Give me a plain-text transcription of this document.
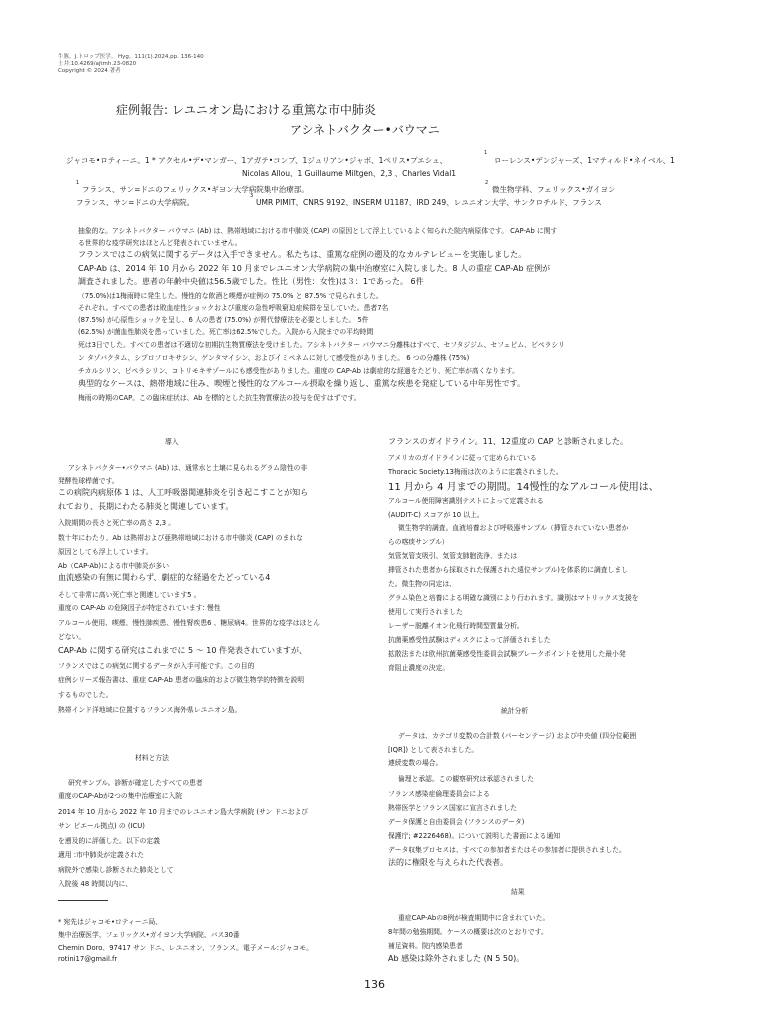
牛豚。J.トロップ医学。 Hyg。111(1).2024.pp. 136-140
土井:10.4269/ajtmh.23-0820
Copyright © 2024 著者
症例報告: レユニオン島における重篤な市中肺炎
アシネトバクター•バウマニ
ジャコモ•ロティーニ。1 * アクセル•デ•マンガー、1アガテ•コンブ、1ジュリアン•ジャボ、1ペリス•プエシュ、
1
ローレンス•デンジャーズ、1マティルド•ネイベル、1
Nicolas Allou、1 Guillaume Miltgen、2,3 、Charles Vidal1
1
フランス、サン=ドニのフェリックス•ギヨン大学病院集中治療部。
2
微生物学科、フェリックス•ガイヨン
フランス、サン=ドニの大学病院。
3
UMR PIMIT、CNRS 9192、INSERM U1187、IRD 249、レユニオン大学、サンクロチルド、フランス
抽象的な。アシネトバクター バウマニ (Ab) は、熱帯地域における市中肺炎 (CAP) の原因として浮上しているよく知られた院内病原体です。 CAP-Ab に関す
る世界的な疫学研究はほとんど発表されていません。
フランスではこの病気に関するデータは入手できません。私たちは、重篤な症例の遡及的なカルテレビューを実施しました。
CAP-Ab は、2014 年 10 月から 2022 年 10 月までレユニオン大学病院の集中治療室に入院しました。8 人の重症 CAP-Ab 症例が
調査されました。患者の年齢中央値は56.5歳でした。性比（男性：女性)は３：1であった。 6件
（75.0%)は1梅雨時に発生した。慢性的な飲酒と喫煙が症例の 75.0% と 87.5% で見られました。
それぞれ。すべての患者は敗血症性ショックおよび重度の急性呼吸窮迫症候群を呈していた。患者7名
(87.5%) が心原性ショックを呈し、6 人の患者 (75.0%) が腎代替療法を必要としました。 5件
(62.5%) が菌血性肺炎を患っていました。死亡率は62.5%でした。入院から入院までの平均時間
死は3日でした。すべての患者は不適切な初期抗生物質療法を受けました。アシネトバクター バウマニ分離株はすべて、セフタジジム、セフェピム、ピペラシリ
ン タゾバクタム、シプロフロキサシン、ゲンタマイシン、およびイミペネムに対して感受性がありました。 6 つの分離株 (75%)
チカルシリン、ピペラシリン、コトリモキサゾールにも感受性がありました。重度の CAP-Ab は劇症的な経過をたどり、死亡率が高くなります。
典型的なケースは、熱帯地域に住み、喫煙と慢性的なアルコール摂取を繰り返し、重篤な疾患を発症している中年男性です。
梅雨の時期のCAP。この臨床症状は、Ab を標的とした抗生物質療法の投与を促すはずです。
導入
アシネトバクター•バウマニ (Ab) は、通常水と土壌に見られるグラム陰性の非
発酵性球桿菌です。
この病院内病原体 1 は、人工呼吸器関連肺炎を引き起こすことが知ら
れており、長期にわたる肺炎と関連しています。
入院期間の長さと死亡率の高さ 2,3 。
数十年にわたり、Ab は熱帯および亜熱帯地域における市中肺炎 (CAP) のまれな
原因としても浮上しています。
Ab（CAP-Ab)による市中肺炎が多い
血流感染の有無に関わらず、劇症的な経過をたどっている4
そして非常に高い死亡率と関連しています5 。
重度の CAP-Ab の危険因子が特定されています: 慢性
アルコール使用、喫煙、慢性肺疾患、慢性腎疾患6 、糖尿病4。世界的な疫学はほとん
どない。
CAP-Ab に関する研究はこれまでに 5 ～ 10 件発表されていますが、
フランスではこの病気に関するデータが入手可能です。この目的
症例シリーズ報告書は、重症 CAP-Ab 患者の臨床的および微生物学的特徴を説明
するものでした。
熱帯インド洋地域に位置するフランス海外県レユニオン島。
材料と方法
研究サンプル。診断が確定したすべての患者
重度のCAP-Abが2つの集中治療室に入院
2014 年 10 月から 2022 年 10 月までのレユニオン島大学病院 (サン ドニおよび
サン ピエール拠点) の (ICU)
を遡及的に評価した。以下の定義
適用 :市中肺炎が定義された
病院外で感染し診断された肺炎として
入院後 48 時間以内に、
* 宛先はジャコモ•ロティーニ局、
集中治療医学、フェリックス•ガイヨン大学病院、バス30番
Chemin Doro、97417 サン ドニ、レユニオン、フランス。電子メール:ジャコモ。
rotini17@gmail.fr
フランスのガイドライン。11、12重度の CAP と診断されました。
アメリカのガイドラインに従って定められている
Thoracic Society.13梅雨は次のように定義されました。
11 月から 4 月までの期間。14慢性的なアルコール使用は、
アルコール使用障害識別テストによって定義される
(AUDIT-C) スコアが 10 以上。
微生物学的調査。血液培養および呼吸器サンプル（挿管されていない患者か
らの喀痰サンプル）
気管気管支吸引、気管支肺胞洗浄、または
挿管された患者から採取された保護された遠位サンプル)を体系的に調査しまし
た。微生物の同定は、
グラム染色と培養による明確な識別により行われます。識別はマトリックス支援を
使用して実行されました
レーザー脱離イオン化飛行時間型質量分析。
抗菌薬感受性試験はディスクによって評価されました
拡散法または欧州抗菌薬感受性委員会試験ブレークポイントを使用した最小発
育阻止濃度の決定。
統計分析
データは、カテゴリ変数の合計数 (パーセンテージ) および中央値 (四分位範囲
[IQR]) として表されました。
連続変数の場合。
倫理と承認。この観察研究は承認されました
フランス感染症倫理委員会による
熱帯医学とフランス国家に宣言されました
データ保護と自由委員会 (フランスのデータ)
保護庁; #2226468)。について説明した書面による通知
データ収集プロセスは、すべての参加者またはその参加者に提供されました。
法的に権限を与えられた代表者。
結果
重症CAP-Abの8例が検査期間中に含まれていた。
8年間の勉強期間。ケースの概要は次のとおりです。
補足資料。院内感染患者
Ab 感染は除外されました (N 5 50)。
136
